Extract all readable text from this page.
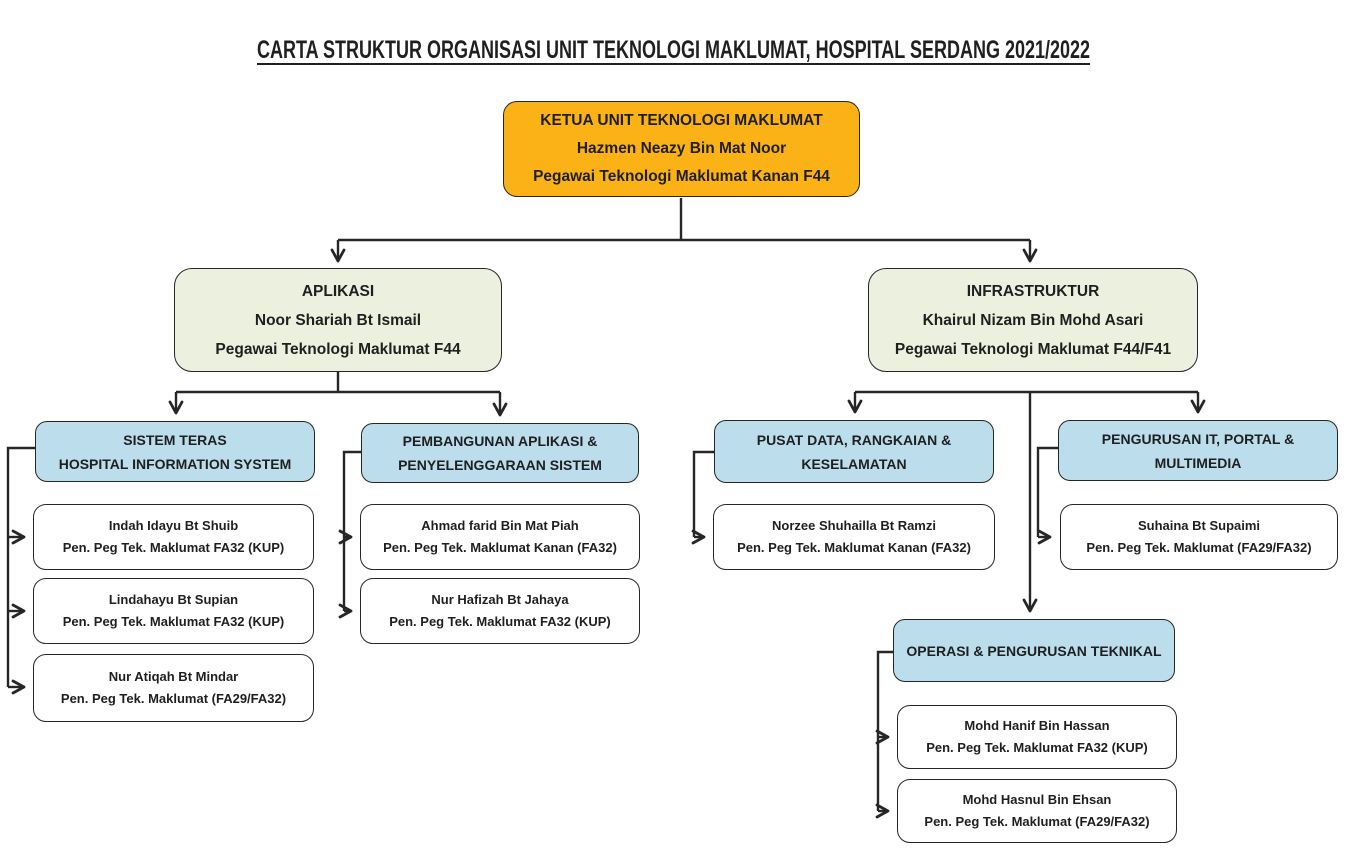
CARTA STRUKTUR ORGANISASI UNIT TEKNOLOGI MAKLUMAT, HOSPITAL SERDANG 2021/2022
KETUA UNIT TEKNOLOGI MAKLUMAT
Hazmen Neazy Bin Mat Noor
Pegawai Teknologi Maklumat Kanan F44
APLIKASI
Noor Shariah Bt Ismail
Pegawai Teknologi Maklumat F44
INFRASTRUKTUR
Khairul Nizam Bin Mohd Asari
Pegawai Teknologi Maklumat F44/F41
SISTEM TERAS
HOSPITAL INFORMATION SYSTEM
PEMBANGUNAN APLIKASI &
PENYELENGGARAAN SISTEM
PUSAT DATA, RANGKAIAN &
KESELAMATAN
PENGURUSAN IT, PORTAL &
MULTIMEDIA
OPERASI & PENGURUSAN TEKNIKAL
Indah Idayu Bt Shuib
Pen. Peg Tek. Maklumat FA32 (KUP)
Lindahayu Bt Supian
Pen. Peg Tek. Maklumat FA32 (KUP)
Nur Atiqah Bt Mindar
Pen. Peg Tek. Maklumat (FA29/FA32)
Ahmad farid Bin Mat Piah
Pen. Peg Tek. Maklumat Kanan (FA32)
Nur Hafizah Bt Jahaya
Pen. Peg Tek. Maklumat FA32 (KUP)
Norzee Shuhailla Bt Ramzi
Pen. Peg Tek. Maklumat Kanan (FA32)
Suhaina Bt Supaimi
Pen. Peg Tek. Maklumat (FA29/FA32)
Mohd Hanif Bin Hassan
Pen. Peg Tek. Maklumat FA32 (KUP)
Mohd Hasnul Bin Ehsan
Pen. Peg Tek. Maklumat (FA29/FA32)
